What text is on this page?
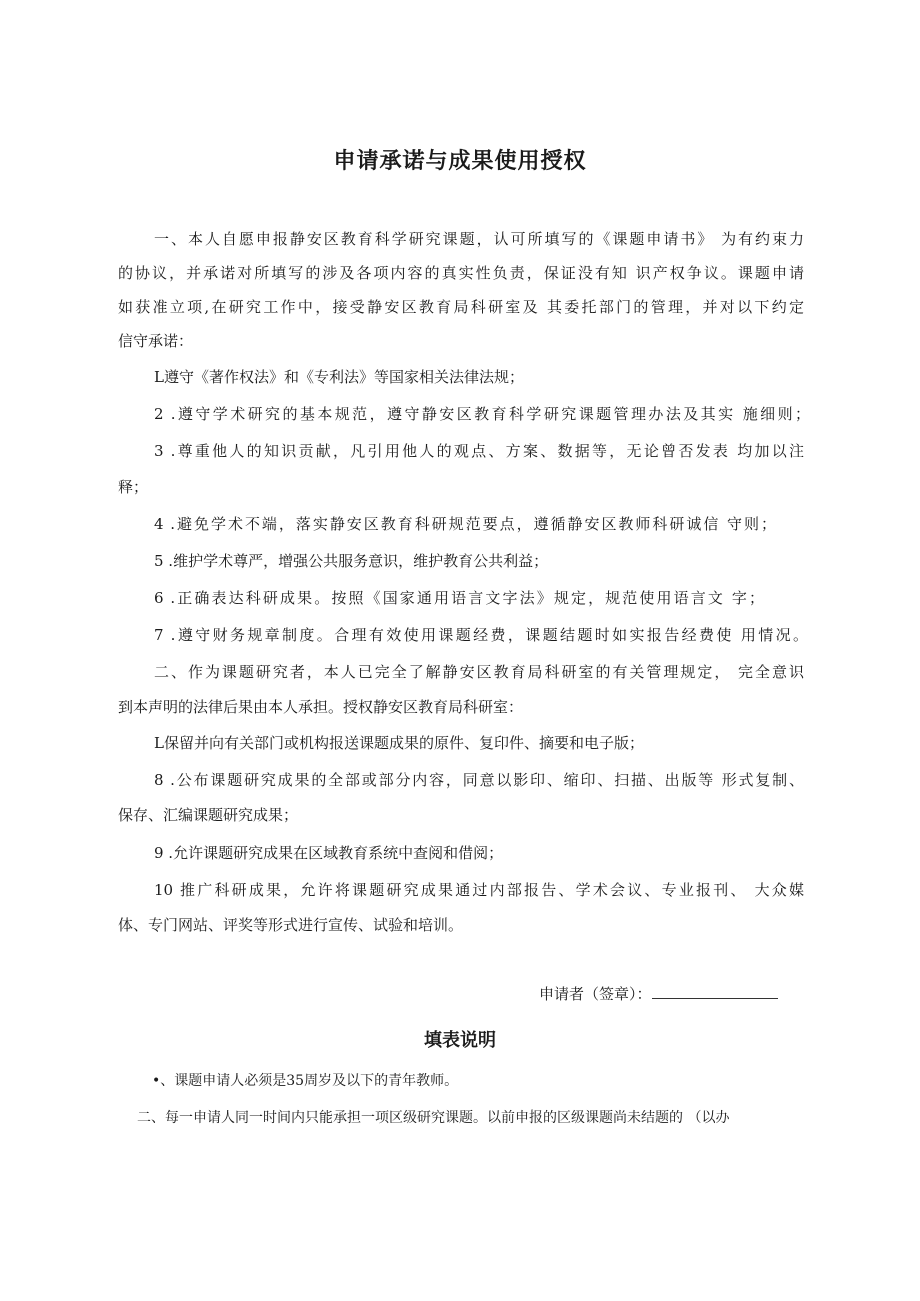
申请承诺与成果使用授权

一、本人自愿申报静安区教育科学研究课题，认可所填写的《课题申请书》 为有约束力

的协议，并承诺对所填写的涉及各项内容的真实性负责，保证没有知 识产权争议。课题申请

如获准立项,在研究工作中，接受静安区教育局科研室及 其委托部门的管理，并对以下约定

信守承诺：

L遵守《著作权法》和《专利法》等国家相关法律法规；

2 .遵守学术研究的基本规范，遵守静安区教育科学研究课题管理办法及其实 施细则；

3 .尊重他人的知识贡献，凡引用他人的观点、方案、数据等，无论曾否发表 均加以注

释；

4 .避免学术不端，落实静安区教育科研规范要点，遵循静安区教师科研诚信 守则；

5 .维护学术尊严，增强公共服务意识，维护教育公共利益；

6 .正确表达科研成果。按照《国家通用语言文字法》规定，规范使用语言文 字；

7 .遵守财务规章制度。合理有效使用课题经费，课题结题时如实报告经费使 用情况。

二、作为课题研究者，本人已完全了解静安区教育局科研室的有关管理规定， 完全意识

到本声明的法律后果由本人承担。授权静安区教育局科研室：

L保留并向有关部门或机构报送课题成果的原件、复印件、摘要和电子版；

8 .公布课题研究成果的全部或部分内容，同意以影印、缩印、扫描、出版等 形式复制、

保存、汇编课题研究成果；

9 .允许课题研究成果在区域教育系统中查阅和借阅；

10 推广科研成果，允许将课题研究成果通过内部报告、学术会议、专业报刊、 大众媒

体、专门网站、评奖等形式进行宣传、试验和培训。

申请者（签章）：
填表说明

•、课题申请人必须是35周岁及以下的青年教师。

二、每一申请人同一时间内只能承担一项区级研究课题。以前申报的区级课题尚未结题的 （以办
